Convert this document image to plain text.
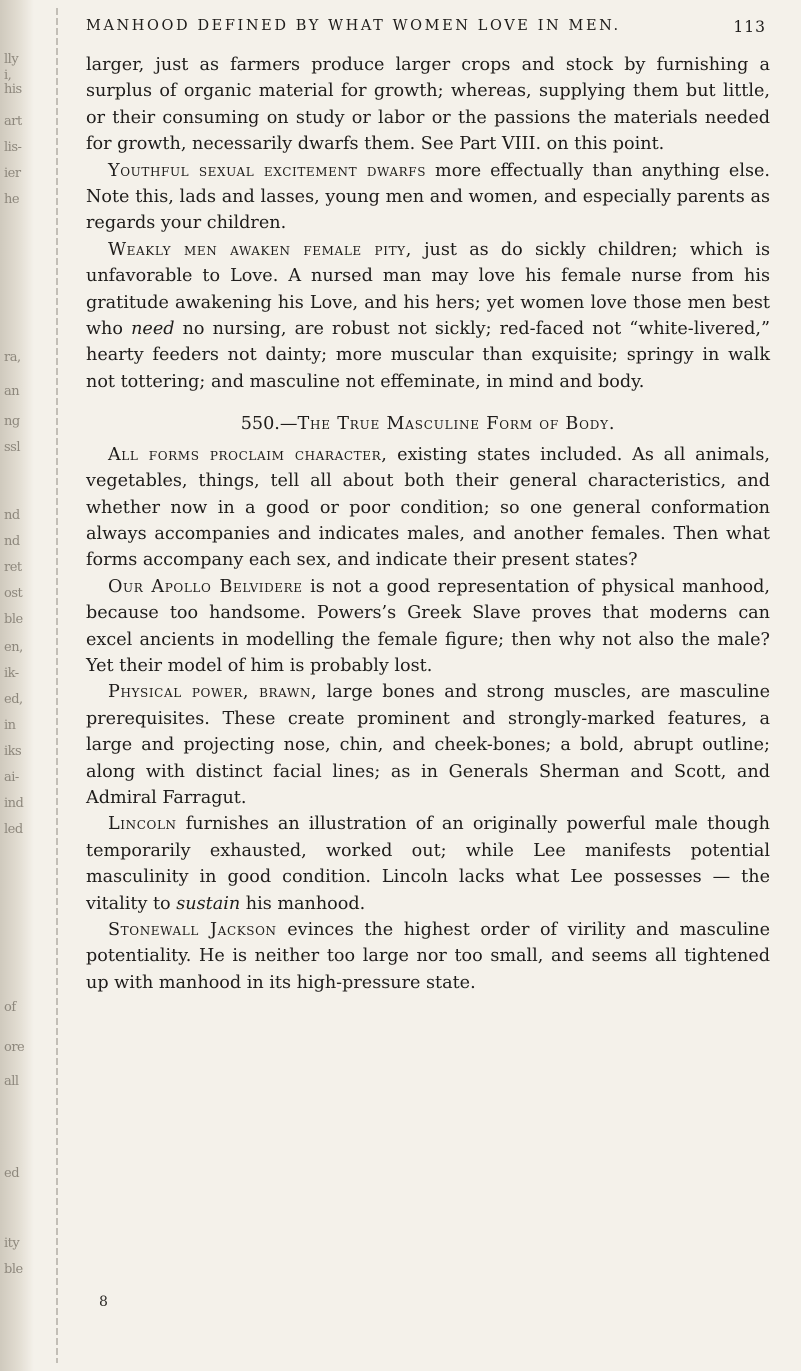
lly
i,
his
art
lis-
ier
he
ra,
an
ng
ssl
nd
nd
ret
ost
ble
en,
ik-
ed,
in
iks
ai-
ind
led
of
ore
all
ed
ity
ble
MANHOOD DEFINED BY WHAT WOMEN LOVE IN MEN.	113

larger, just as farmers produce larger crops and stock by furnishing a surplus of organic material for growth; whereas, supplying them but little, or their consuming on study or labor or the passions the materials needed for growth, necessarily dwarfs them. See Part VIII. on this point.

Youthful sexual excitement dwarfs more effectually than anything else. Note this, lads and lasses, young men and women, and especially parents as regards your children.

Weakly men awaken female pity, just as do sickly children; which is unfavorable to Love. A nursed man may love his female nurse from his gratitude awakening his Love, and his hers; yet women love those men best who need no nursing, are robust not sickly; red-faced not “white-livered,” hearty feeders not dainty; more muscular than exquisite; springy in walk not tottering; and masculine not effeminate, in mind and body.

550.—The True Masculine Form of Body.

All forms proclaim character, existing states included. As all animals, vegetables, things, tell all about both their general characteristics, and whether now in a good or poor condition; so one general conformation always accompanies and indicates males, and another females. Then what forms accompany each sex, and indicate their present states?

Our Apollo Belvidere is not a good representation of physical manhood, because too handsome. Powers’s Greek Slave proves that moderns can excel ancients in modelling the female figure; then why not also the male? Yet their model of him is probably lost.

Physical power, brawn, large bones and strong muscles, are masculine prerequisites. These create prominent and strongly-marked features, a large and projecting nose, chin, and cheek-bones; a bold, abrupt outline; along with distinct facial lines; as in Generals Sherman and Scott, and Admiral Farragut.

Lincoln furnishes an illustration of an originally powerful male though temporarily exhausted, worked out; while Lee manifests potential masculinity in good condition. Lincoln lacks what Lee possesses — the vitality to sustain his manhood.

Stonewall Jackson evinces the highest order of virility and masculine potentiality. He is neither too large nor too small, and seems all tightened up with manhood in its high-pressure state.

8
